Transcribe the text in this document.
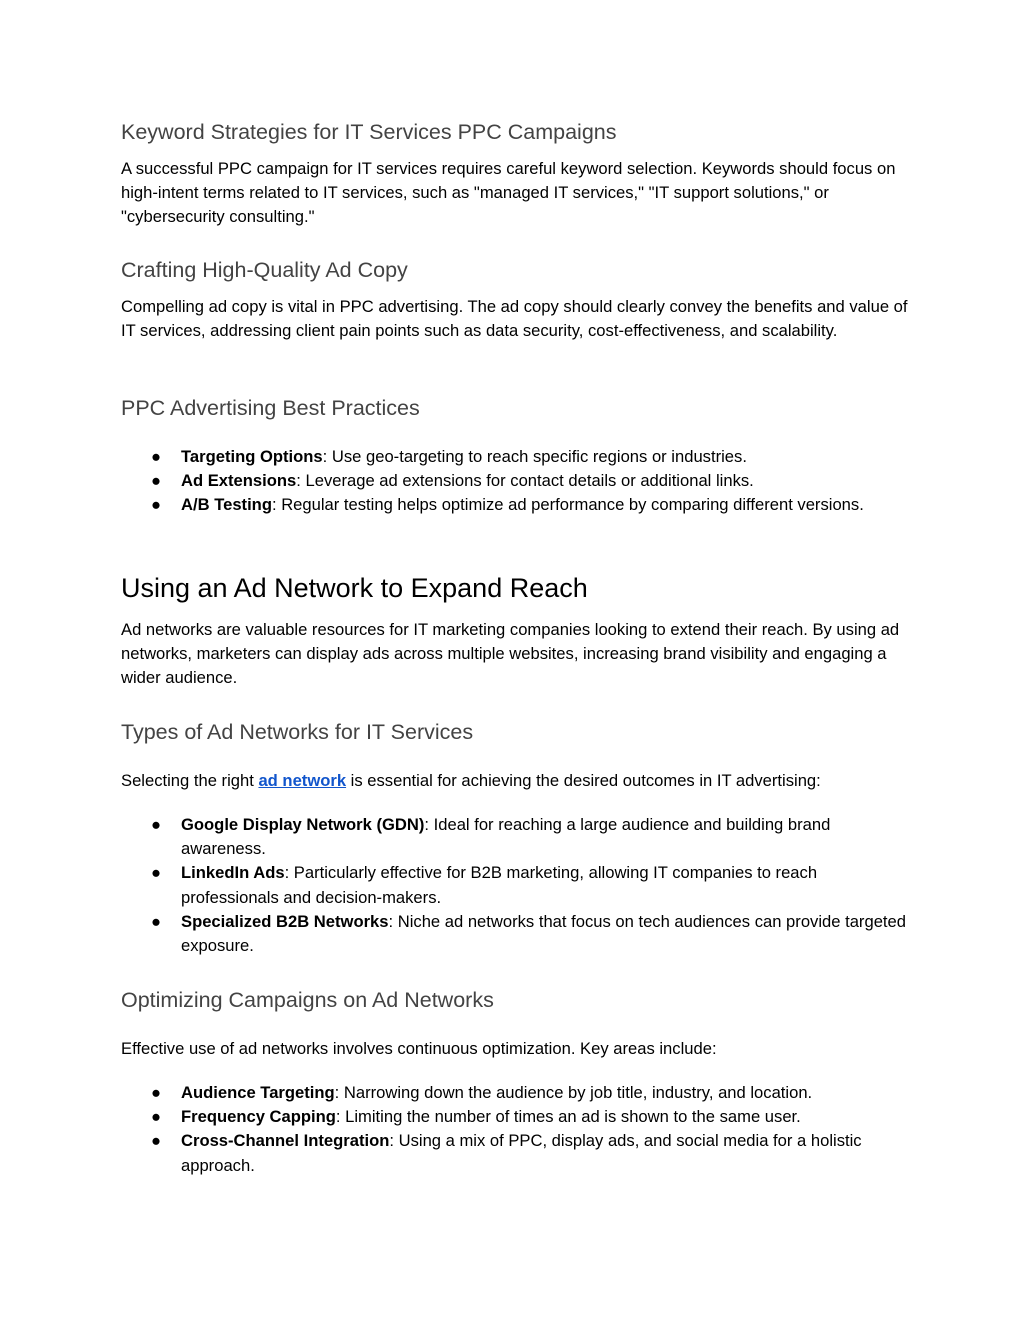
Keyword Strategies for IT Services PPC Campaigns

A successful PPC campaign for IT services requires careful keyword selection. Keywords should focus on high-intent terms related to IT services, such as "managed IT services," "IT support solutions," or "cybersecurity consulting."

Crafting High-Quality Ad Copy

Compelling ad copy is vital in PPC advertising. The ad copy should clearly convey the benefits and value of IT services, addressing client pain points such as data security, cost-effectiveness, and scalability.

PPC Advertising Best Practices
● Targeting Options: Use geo-targeting to reach specific regions or industries.
● Ad Extensions: Leverage ad extensions for contact details or additional links.
● A/B Testing: Regular testing helps optimize ad performance by comparing different versions.
Using an Ad Network to Expand Reach

Ad networks are valuable resources for IT marketing companies looking to extend their reach. By using ad networks, marketers can display ads across multiple websites, increasing brand visibility and engaging a wider audience.

Types of Ad Networks for IT Services

Selecting the right ad network is essential for achieving the desired outcomes in IT advertising:

● Google Display Network (GDN): Ideal for reaching a large audience and building brand awareness.
● LinkedIn Ads: Particularly effective for B2B marketing, allowing IT companies to reach professionals and decision-makers.
● Specialized B2B Networks: Niche ad networks that focus on tech audiences can provide targeted exposure.
Optimizing Campaigns on Ad Networks

Effective use of ad networks involves continuous optimization. Key areas include:

● Audience Targeting: Narrowing down the audience by job title, industry, and location.
● Frequency Capping: Limiting the number of times an ad is shown to the same user.
● Cross-Channel Integration: Using a mix of PPC, display ads, and social media for a holistic approach.
